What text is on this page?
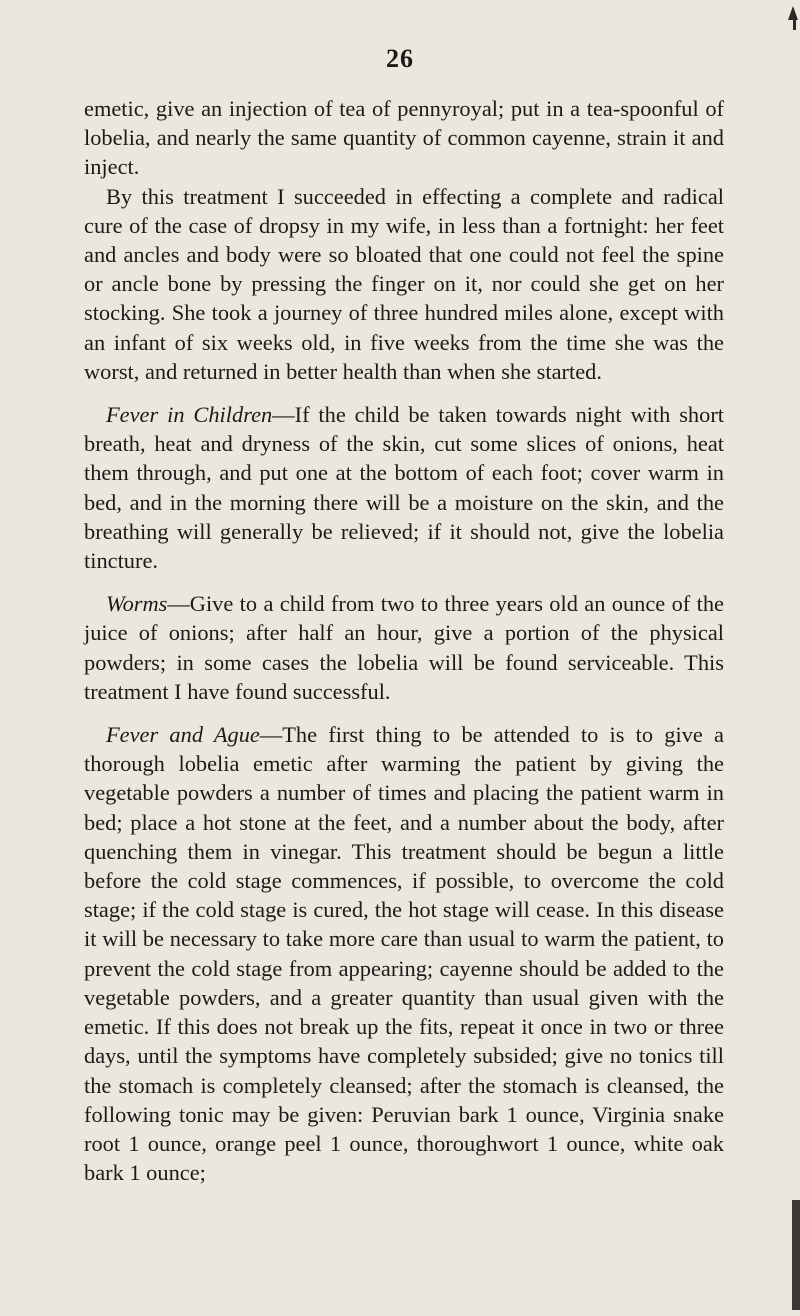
26

emetic, give an injection of tea of pennyroyal; put in a tea-spoonful of lobelia, and nearly the same quantity of common cayenne, strain it and inject.

By this treatment I succeeded in effecting a complete and radical cure of the case of dropsy in my wife, in less than a fortnight: her feet and ancles and body were so bloated that one could not feel the spine or ancle bone by pressing the finger on it, nor could she get on her stocking. She took a journey of three hundred miles alone, except with an infant of six weeks old, in five weeks from the time she was the worst, and returned in better health than when she started.

Fever in Children—If the child be taken towards night with short breath, heat and dryness of the skin, cut some slices of onions, heat them through, and put one at the bottom of each foot; cover warm in bed, and in the morning there will be a moisture on the skin, and the breathing will generally be relieved; if it should not, give the lobelia tincture.

Worms—Give to a child from two to three years old an ounce of the juice of onions; after half an hour, give a portion of the physical powders; in some cases the lobelia will be found serviceable. This treatment I have found successful.

Fever and Ague—The first thing to be attended to is to give a thorough lobelia emetic after warming the patient by giving the vegetable powders a number of times and placing the patient warm in bed; place a hot stone at the feet, and a number about the body, after quenching them in vinegar. This treatment should be begun a little before the cold stage commences, if possible, to overcome the cold stage; if the cold stage is cured, the hot stage will cease. In this disease it will be necessary to take more care than usual to warm the patient, to prevent the cold stage from appearing; cayenne should be added to the vegetable powders, and a greater quantity than usual given with the emetic. If this does not break up the fits, repeat it once in two or three days, until the symptoms have completely subsided; give no tonics till the stomach is completely cleansed; after the stomach is cleansed, the following tonic may be given: Peruvian bark 1 ounce, Virginia snake root 1 ounce, orange peel 1 ounce, thoroughwort 1 ounce, white oak bark 1 ounce;
